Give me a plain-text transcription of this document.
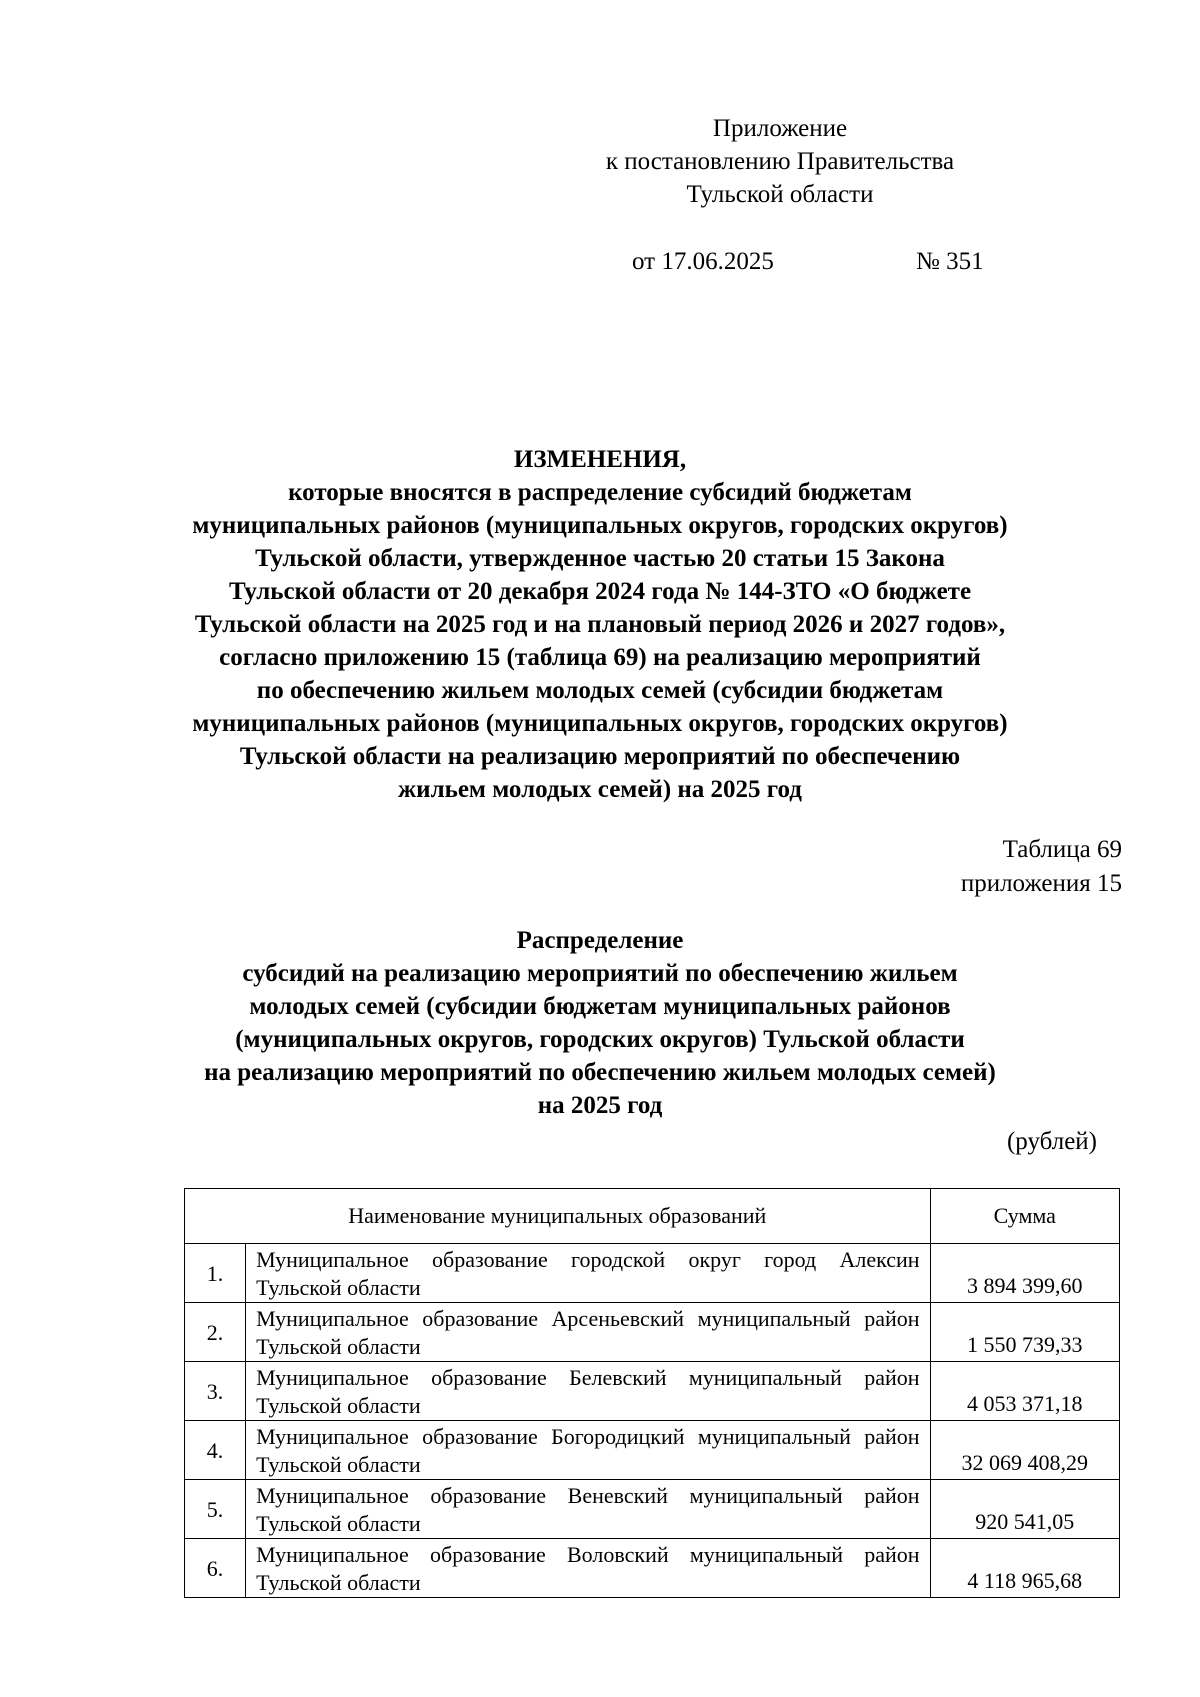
Приложение
к постановлению Правительства
Тульской области
от 17.06.2025	№ 351
ИЗМЕНЕНИЯ,
которые вносятся в распределение субсидий бюджетам
муниципальных районов (муниципальных округов, городских округов)
Тульской области, утвержденное частью 20 статьи 15 Закона
Тульской области от 20 декабря 2024 года № 144-ЗТО «О бюджете
Тульской области на 2025 год и на плановый период 2026 и 2027 годов»,
согласно приложению 15 (таблица 69) на реализацию мероприятий
по обеспечению жильем молодых семей (субсидии бюджетам
муниципальных районов (муниципальных округов, городских округов)
Тульской области на реализацию мероприятий по обеспечению
жильем молодых семей) на 2025 год
Таблица 69
приложения 15
Распределение
субсидий на реализацию мероприятий по обеспечению жильем
молодых семей (субсидии бюджетам муниципальных районов
(муниципальных округов, городских округов) Тульской области
на реализацию мероприятий по обеспечению жильем молодых семей)
на 2025 год
(рублей)
Наименование муниципальных образований		Сумма
1.	Муниципальное образование городской округ город Алексин Тульской области	3 894 399,60
2.	Муниципальное образование Арсеньевский муниципальный район Тульской области	1 550 739,33
3.	Муниципальное образование Белевский муниципальный район Тульской области	4 053 371,18
4.	Муниципальное образование Богородицкий муниципальный район Тульской области	32 069 408,29
5.	Муниципальное образование Веневский муниципальный район Тульской области	920 541,05
6.	Муниципальное образование Воловский муниципальный район Тульской области	4 118 965,68
